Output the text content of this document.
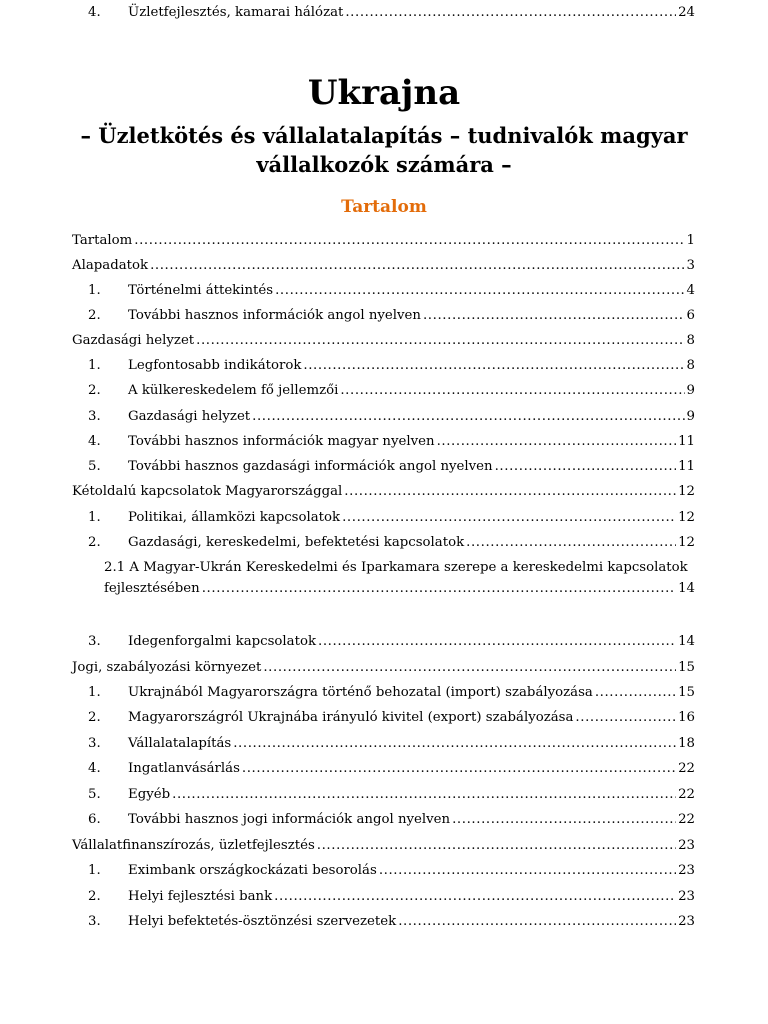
Ukrajna
– Üzletkötés és vállalatalapítás – tudnivalók magyar
vállalkozók számára –
Tartalom
Tartalom .....	1
Alapadatok .....	3
1.	Történelmi áttekintés .....	4
2.	További hasznos információk angol nyelven .....	6
Gazdasági helyzet .....	8
1.	Legfontosabb indikátorok .....	8
2.	A külkereskedelem fő jellemzői .....	9
3.	Gazdasági helyzet .....	9
4.	További hasznos információk magyar nyelven .....	11
5.	További hasznos gazdasági információk angol nyelven .....	11
Kétoldalú kapcsolatok Magyarországgal .....	12
1.	Politikai, államközi kapcsolatok .....	12
2.	Gazdasági, kereskedelmi, befektetési kapcsolatok .....	12
2.1 A Magyar-Ukrán Kereskedelmi és Iparkamara szerepe a kereskedelmi kapcsolatok
fejlesztésében .....	14
3.	Idegenforgalmi kapcsolatok .....	14
Jogi, szabályozási környezet .....	15
1.	Ukrajnából Magyarországra történő behozatal (import) szabályozása .....	15
2.	Magyarországról Ukrajnába irányuló kivitel (export) szabályozása .....	16
3.	Vállalatalapítás .....	18
4.	Ingatlanvásárlás .....	22
5.	Egyéb .....	22
6.	További hasznos jogi információk angol nyelven .....	22
Vállalatfinanszírozás, üzletfejlesztés .....	23
1.	Eximbank országkockázati besorolás .....	23
2.	Helyi fejlesztési bank .....	23
3.	Helyi befektetés-ösztönzési szervezetek .....	23
4.	Üzletfejlesztés, kamarai hálózat .....	24
